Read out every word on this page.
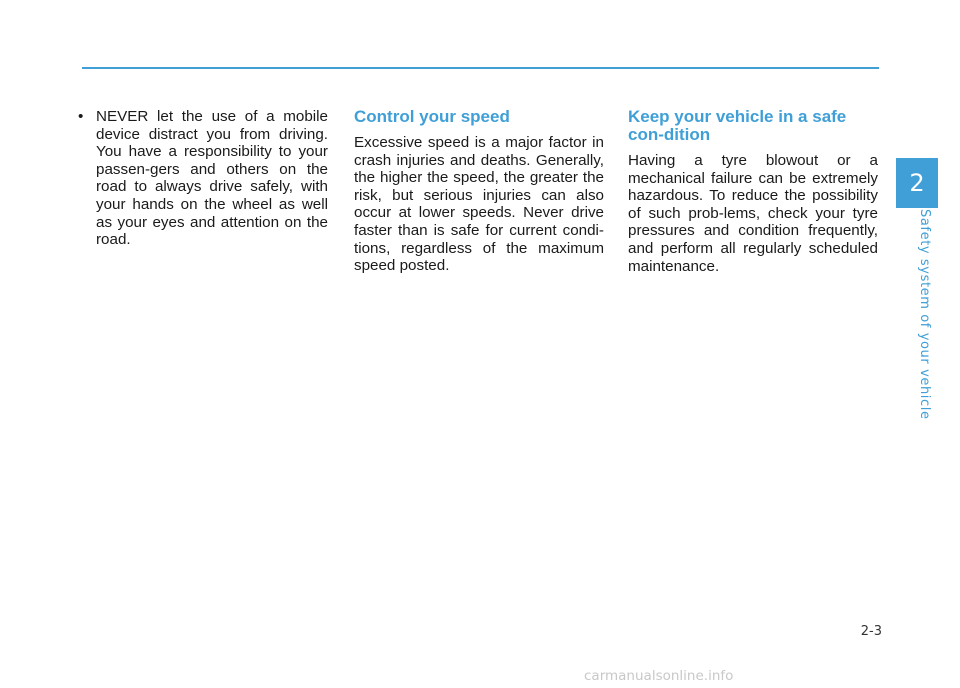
• NEVER let the use of a mobile device distract you from driving. You have a responsibility to your passen-gers and others on the road to always drive safely, with your hands on the wheel as well as your eyes and attention on the road.
Control your speed

Excessive speed is a major factor in crash injuries and deaths. Generally, the higher the speed, the greater the risk, but serious injuries can also occur at lower speeds. Never drive faster than is safe for current condi-tions, regardless of the maximum speed posted.

Keep your vehicle in a safe con-dition

Having a tyre blowout or a mechanical failure can be extremely hazardous. To reduce the possibility of such prob-lems, check your tyre pressures and condition frequently, and perform all regularly scheduled maintenance.

2
Safety system of your vehicle
2-3
carmanualsonline.info
